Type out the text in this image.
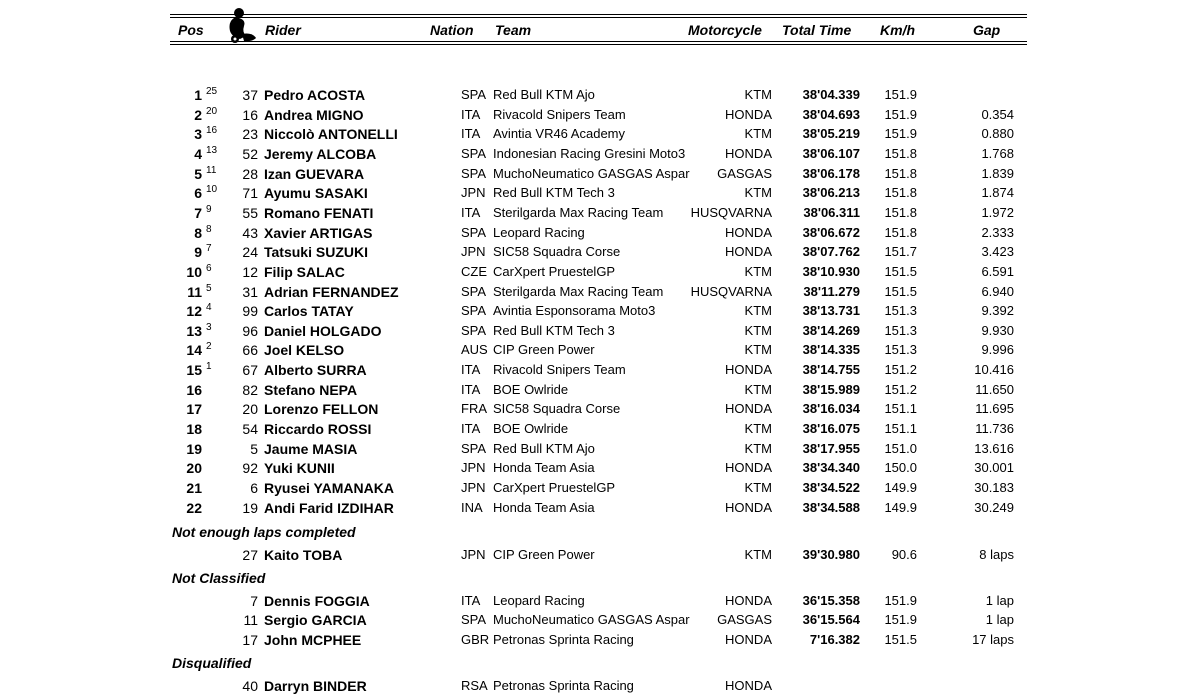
Pos	Rider	Nation Team	Motorcycle Total Time Km/h	Gap
1 25	37 Pedro ACOSTA	SPA Red Bull KTM Ajo	KTM	38'04.339	151.9
2 20	16 Andrea MIGNO	ITA Rivacold Snipers Team	HONDA	38'04.693	151.9	0.354
3 16	23 Niccolò ANTONELLI	ITA Avintia VR46 Academy	KTM	38'05.219	151.9	0.880
4 13	52 Jeremy ALCOBA	SPA Indonesian Racing Gresini Moto3	HONDA	38'06.107	151.8	1.768
5 11	28 Izan GUEVARA	SPA MuchoNeumatico GASGAS Aspar	GASGAS	38'06.178	151.8	1.839
6 10	71 Ayumu SASAKI	JPN Red Bull KTM Tech 3	KTM	38'06.213	151.8	1.874
7 9	55 Romano FENATI	ITA Sterilgarda Max Racing Team	HUSQVARNA	38'06.311	151.8	1.972
8 8	43 Xavier ARTIGAS	SPA Leopard Racing	HONDA	38'06.672	151.8	2.333
9 7	24 Tatsuki SUZUKI	JPN SIC58 Squadra Corse	HONDA	38'07.762	151.7	3.423
10 6	12 Filip SALAC	CZE CarXpert PruestelGP	KTM	38'10.930	151.5	6.591
11 5	31 Adrian FERNANDEZ	SPA Sterilgarda Max Racing Team	HUSQVARNA	38'11.279	151.5	6.940
12 4	99 Carlos TATAY	SPA Avintia Esponsorama Moto3	KTM	38'13.731	151.3	9.392
13 3	96 Daniel HOLGADO	SPA Red Bull KTM Tech 3	KTM	38'14.269	151.3	9.930
14 2	66 Joel KELSO	AUS CIP Green Power	KTM	38'14.335	151.3	9.996
15 1	67 Alberto SURRA	ITA Rivacold Snipers Team	HONDA	38'14.755	151.2	10.416
16	82 Stefano NEPA	ITA BOE Owlride	KTM	38'15.989	151.2	11.650
17	20 Lorenzo FELLON	FRA SIC58 Squadra Corse	HONDA	38'16.034	151.1	11.695
18	54 Riccardo ROSSI	ITA BOE Owlride	KTM	38'16.075	151.1	11.736
19	5 Jaume MASIA	SPA Red Bull KTM Ajo	KTM	38'17.955	151.0	13.616
20	92 Yuki KUNII	JPN Honda Team Asia	HONDA	38'34.340	150.0	30.001
21	6 Ryusei YAMANAKA	JPN CarXpert PruestelGP	KTM	38'34.522	149.9	30.183
22	19 Andi Farid IZDIHAR	INA Honda Team Asia	HONDA	38'34.588	149.9	30.249
Not enough laps completed
27 Kaito TOBA	JPN CIP Green Power	KTM	39'30.980	90.6	8 laps
Not Classified
7 Dennis FOGGIA	ITA Leopard Racing	HONDA	36'15.358	151.9	1 lap
11 Sergio GARCIA	SPA MuchoNeumatico GASGAS Aspar	GASGAS	36'15.564	151.9	1 lap
17 John MCPHEE	GBR Petronas Sprinta Racing	HONDA	7'16.382	151.5	17 laps
Disqualified
40 Darryn BINDER	RSA Petronas Sprinta Racing	HONDA
